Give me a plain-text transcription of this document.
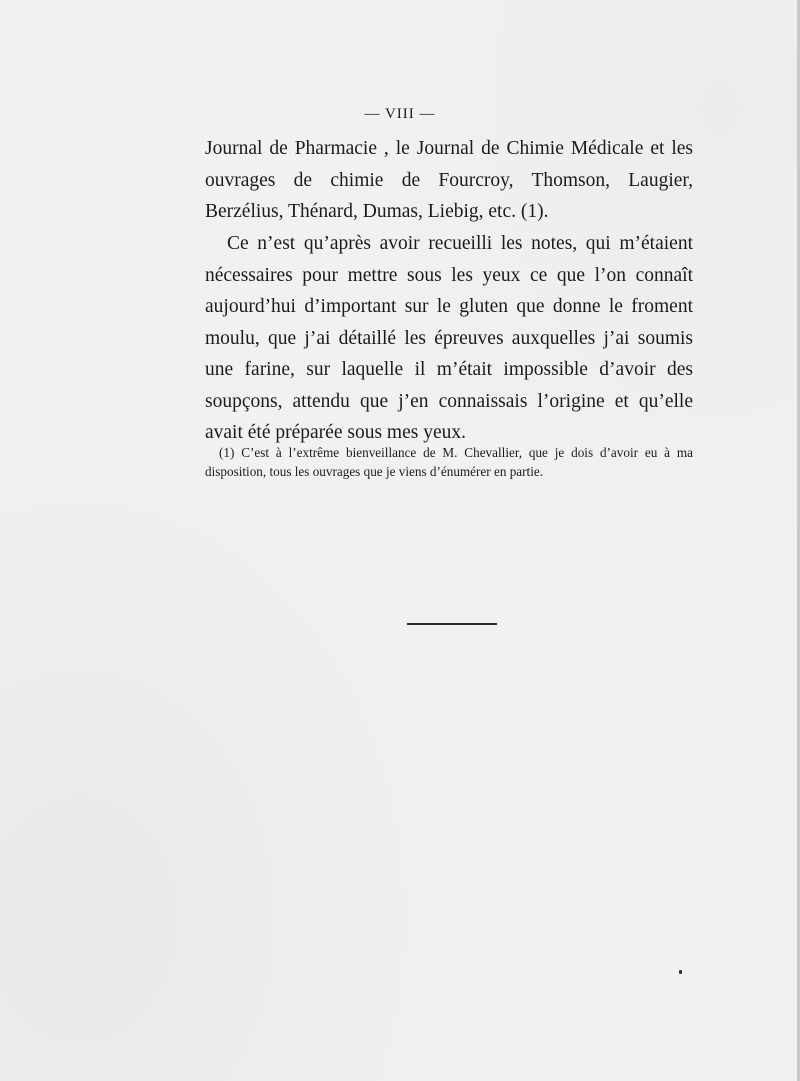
— VIII —

Journal de Pharmacie , le Journal de Chimie Médicale et les ouvrages de chimie de Fourcroy, Thomson, Laugier, Berzélius, Thénard, Dumas, Liebig, etc. (1).

Ce n’est qu’après avoir recueilli les notes, qui m’étaient nécessaires pour mettre sous les yeux ce que l’on connaît aujourd’hui d’important sur le gluten que donne le froment moulu, que j’ai détaillé les épreuves auxquelles j’ai soumis une farine, sur laquelle il m’était impossible d’avoir des soupçons, attendu que j’en connaissais l’origine et qu’elle avait été préparée sous mes yeux.

(1) C’est à l’extrême bienveillance de M. Chevallier, que je dois d’avoir eu à ma disposition, tous les ouvrages que je viens d’énumérer en partie.
